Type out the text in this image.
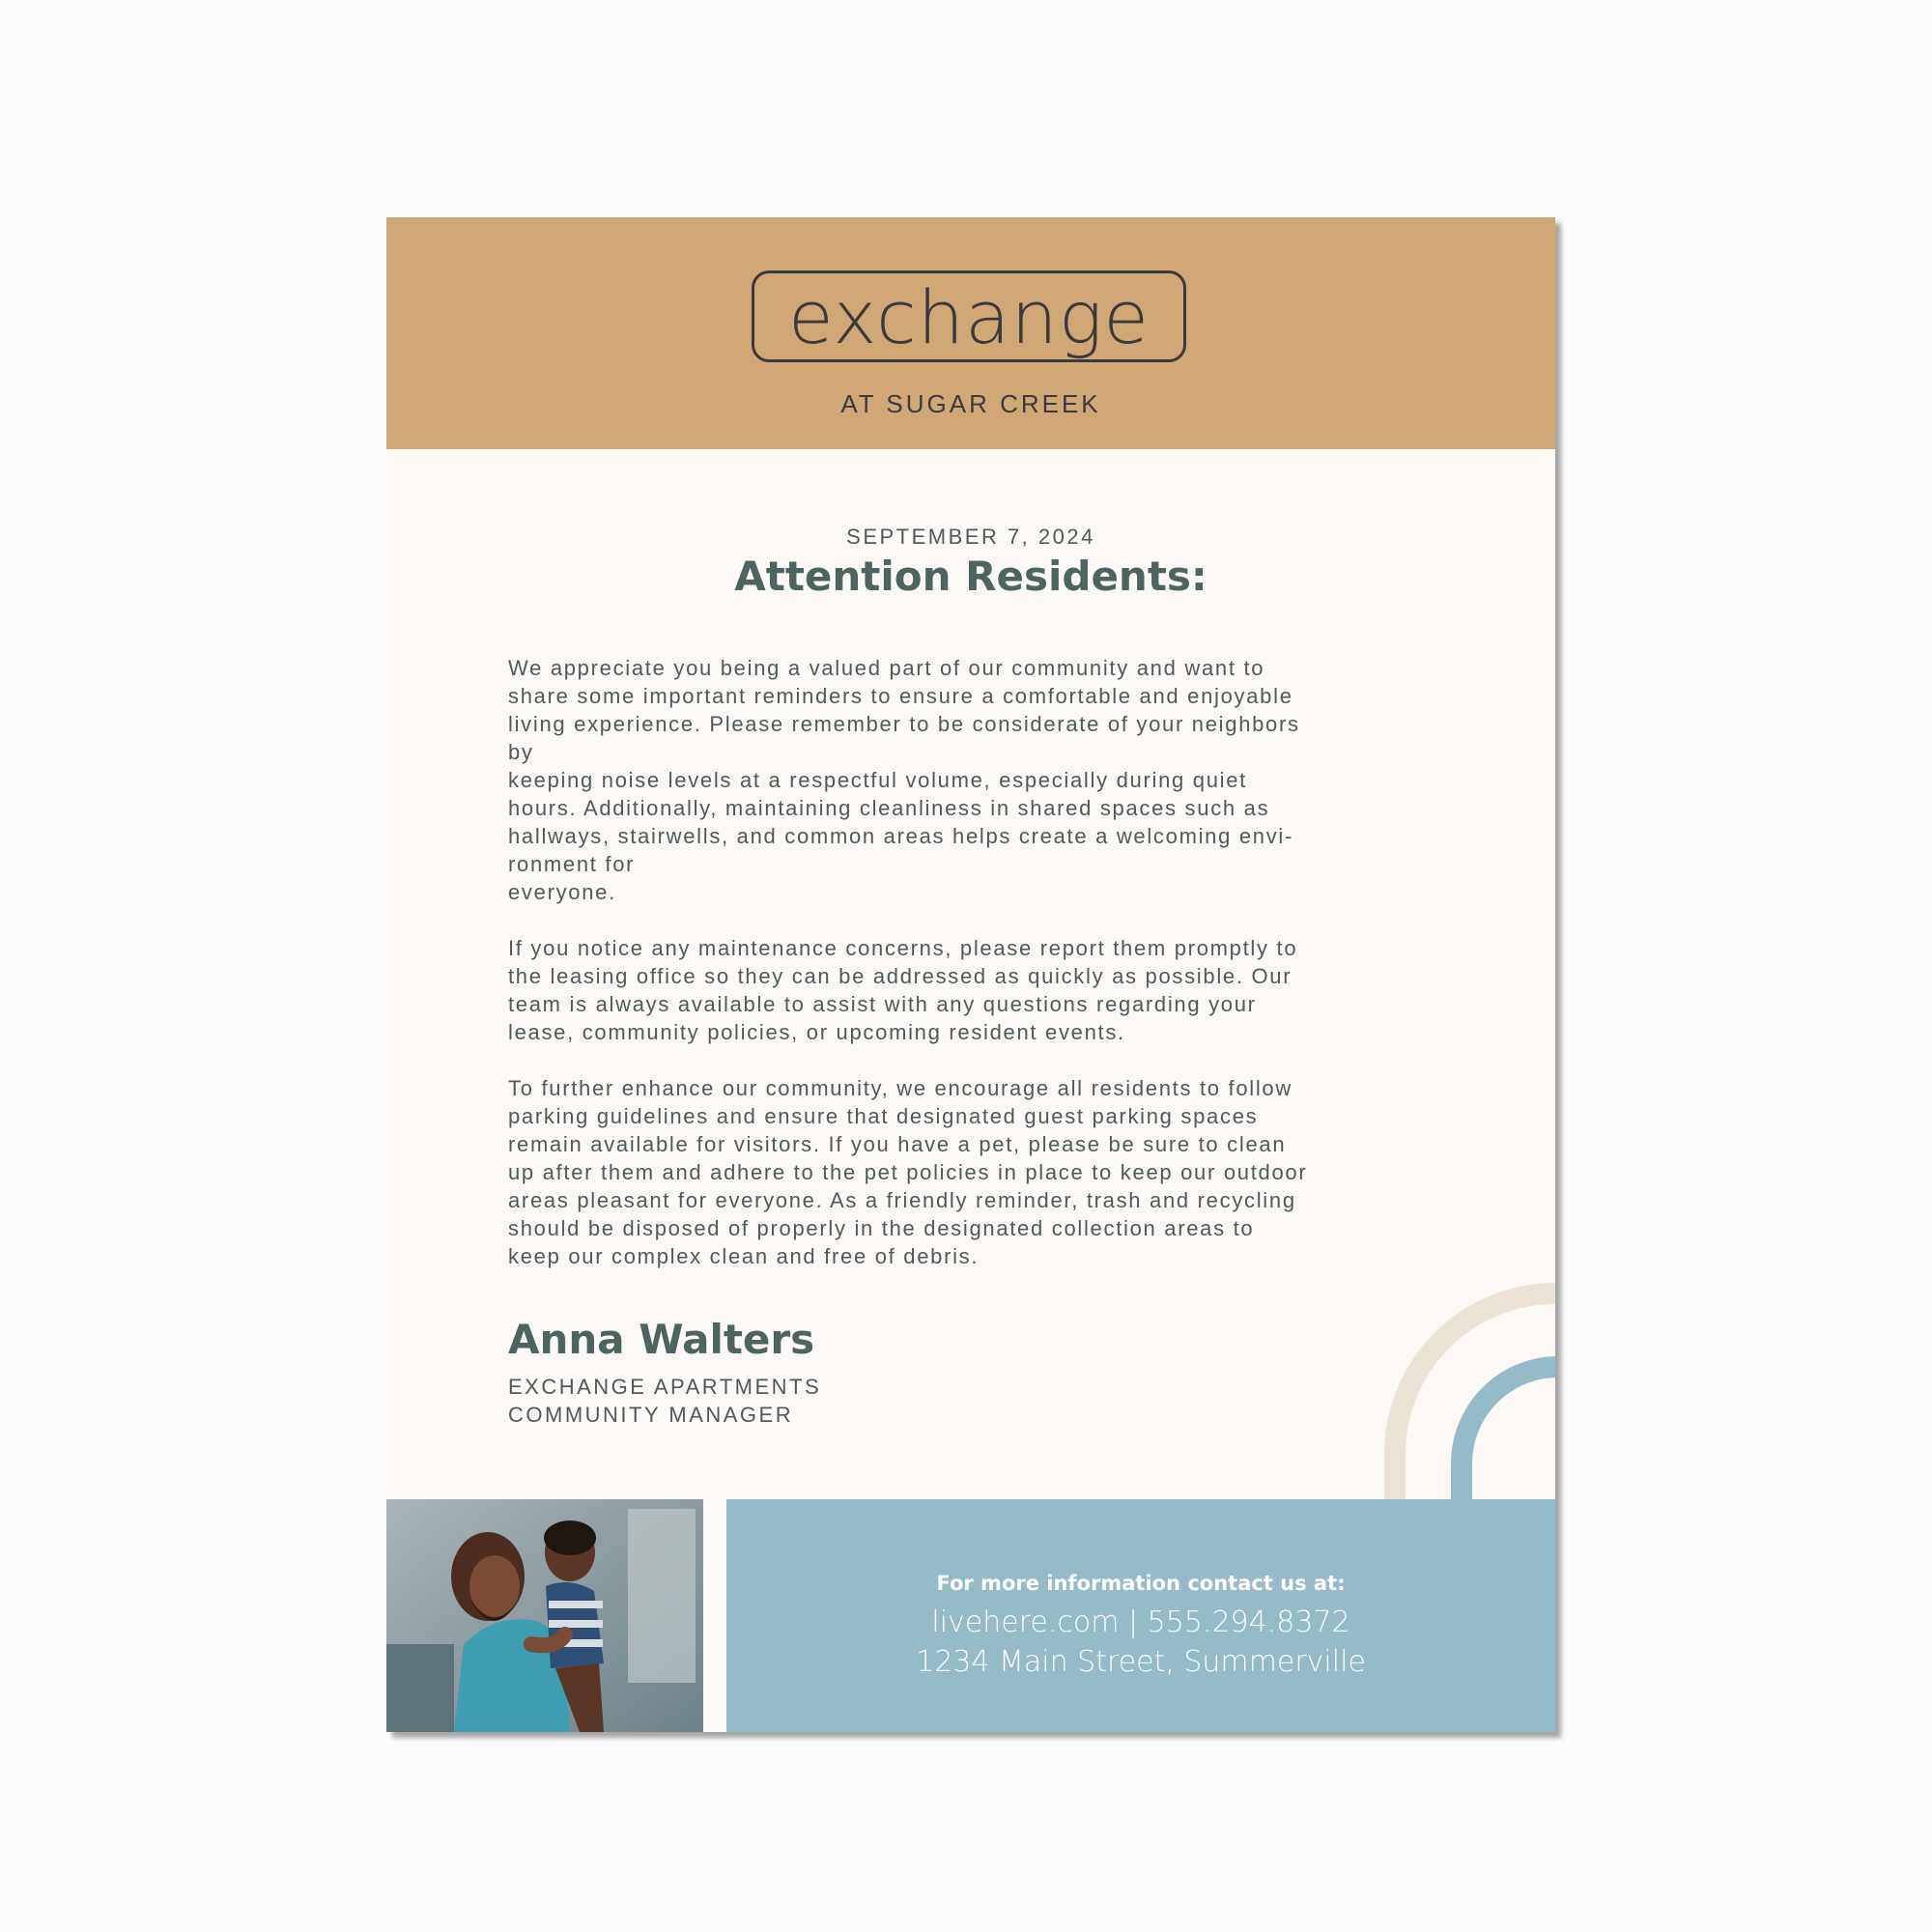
exchange
AT SUGAR CREEK
SEPTEMBER 7, 2024
Attention Residents:

We appreciate you being a valued part of our community and want to
share some important reminders to ensure a comfortable and enjoyable
living experience. Please remember to be considerate of your neighbors
by
keeping noise levels at a respectful volume, especially during quiet
hours. Additionally, maintaining cleanliness in shared spaces such as
hallways, stairwells, and common areas helps create a welcoming envi-
ronment for
everyone.

If you notice any maintenance concerns, please report them promptly to
the leasing office so they can be addressed as quickly as possible. Our
team is always available to assist with any questions regarding your
lease, community policies, or upcoming resident events.

To further enhance our community, we encourage all residents to follow
parking guidelines and ensure that designated guest parking spaces
remain available for visitors. If you have a pet, please be sure to clean
up after them and adhere to the pet policies in place to keep our outdoor
areas pleasant for everyone. As a friendly reminder, trash and recycling
should be disposed of properly in the designated collection areas to
keep our complex clean and free of debris.

Anna Walters
EXCHANGE APARTMENTS
COMMUNITY MANAGER
For more information contact us at:
livehere.com | 555.294.8372
1234 Main Street, Summerville
